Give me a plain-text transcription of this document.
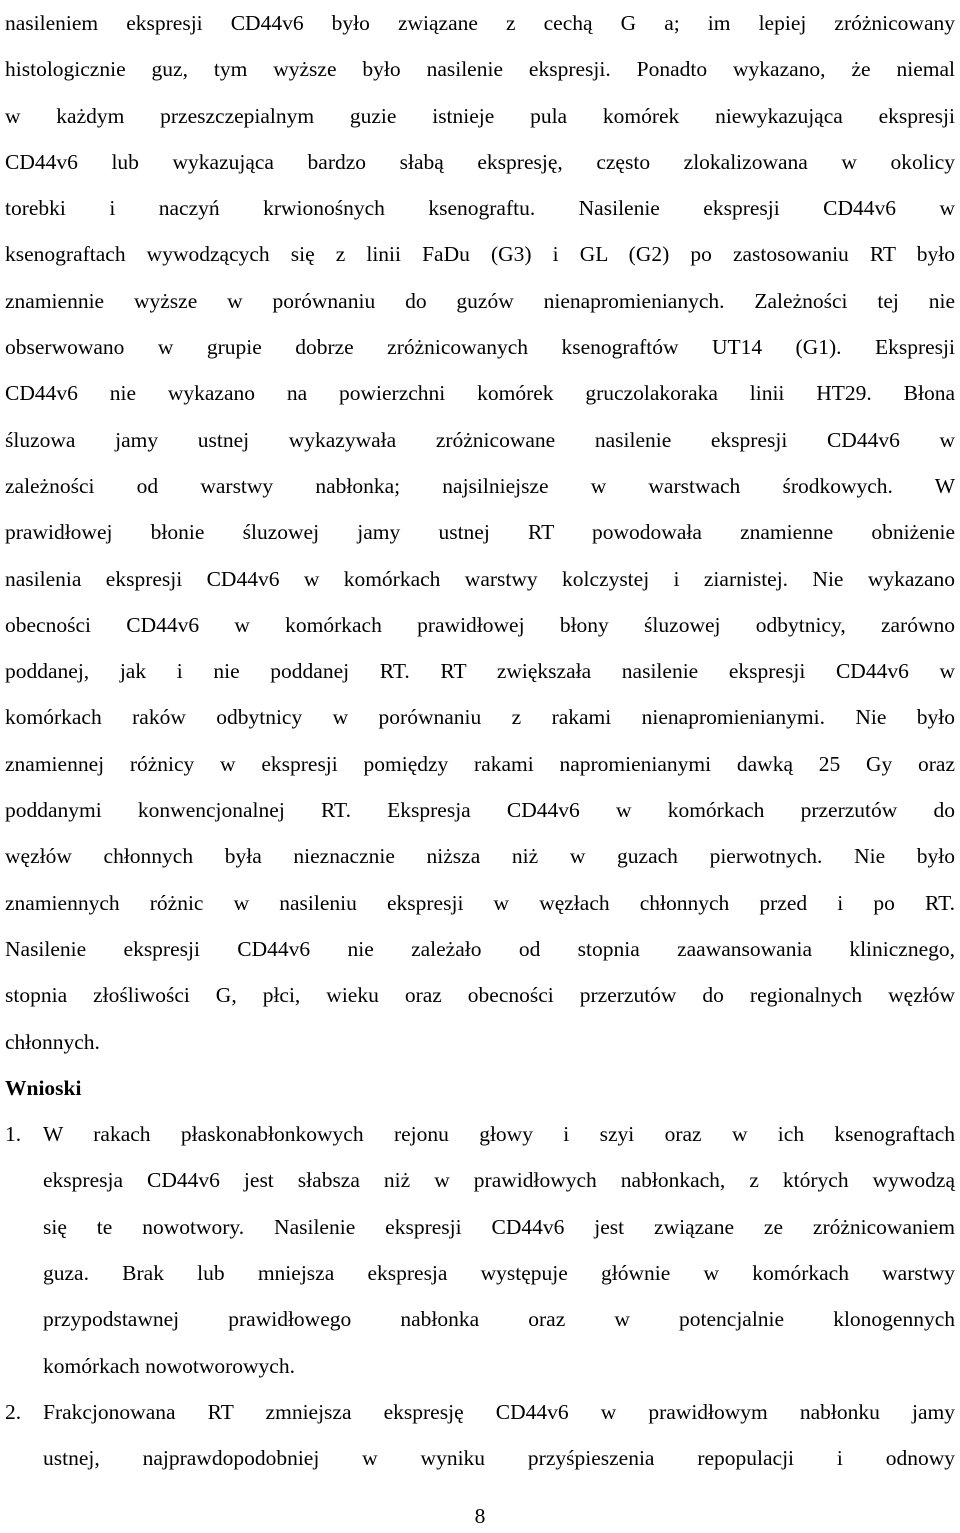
nasileniem ekspresji CD44v6 było związane z cechą G a; im lepiej zróżnicowany
histologicznie guz, tym wyższe było nasilenie ekspresji. Ponadto wykazano, że niemal
w każdym przeszczepialnym guzie istnieje pula komórek niewykazująca ekspresji
CD44v6 lub wykazująca bardzo słabą ekspresję, często zlokalizowana w okolicy
torebki i naczyń krwionośnych ksenograftu. Nasilenie ekspresji CD44v6 w
ksenograftach wywodzących się z linii FaDu (G3) i GL (G2) po zastosowaniu RT było
znamiennie wyższe w porównaniu do guzów nienapromienianych. Zależności tej nie
obserwowano w grupie dobrze zróżnicowanych ksenograftów UT14 (G1). Ekspresji
CD44v6 nie wykazano na powierzchni komórek gruczolakoraka linii HT29. Błona
śluzowa jamy ustnej wykazywała zróżnicowane nasilenie ekspresji CD44v6 w
zależności od warstwy nabłonka; najsilniejsze w warstwach środkowych. W
prawidłowej błonie śluzowej jamy ustnej RT powodowała znamienne obniżenie
nasilenia ekspresji CD44v6 w komórkach warstwy kolczystej i ziarnistej. Nie wykazano
obecności CD44v6 w komórkach prawidłowej błony śluzowej odbytnicy, zarówno
poddanej, jak i nie poddanej RT. RT zwiększała nasilenie ekspresji CD44v6 w
komórkach raków odbytnicy w porównaniu z rakami nienapromienianymi. Nie było
znamiennej różnicy w ekspresji pomiędzy rakami napromienianymi dawką 25 Gy oraz
poddanymi konwencjonalnej RT. Ekspresja CD44v6 w komórkach przerzutów do
węzłów chłonnych była nieznacznie niższa niż w guzach pierwotnych. Nie było
znamiennych różnic w nasileniu ekspresji w węzłach chłonnych przed i po RT.
Nasilenie ekspresji CD44v6 nie zależało od stopnia zaawansowania klinicznego,
stopnia złośliwości G, płci, wieku oraz obecności przerzutów do regionalnych węzłów
chłonnych.
Wnioski
1.	W rakach płaskonabłonkowych rejonu głowy i szyi oraz w ich ksenograftach
ekspresja CD44v6 jest słabsza niż w prawidłowych nabłonkach, z których wywodzą
się te nowotwory. Nasilenie ekspresji CD44v6 jest związane ze zróżnicowaniem
guza. Brak lub mniejsza ekspresja występuje głównie w komórkach warstwy
przypodstawnej prawidłowego nabłonka oraz w potencjalnie klonogennych
komórkach nowotworowych.
2.	Frakcjonowana RT zmniejsza ekspresję CD44v6 w prawidłowym nabłonku jamy
ustnej, najprawdopodobniej w wyniku przyśpieszenia repopulacji i odnowy
8
